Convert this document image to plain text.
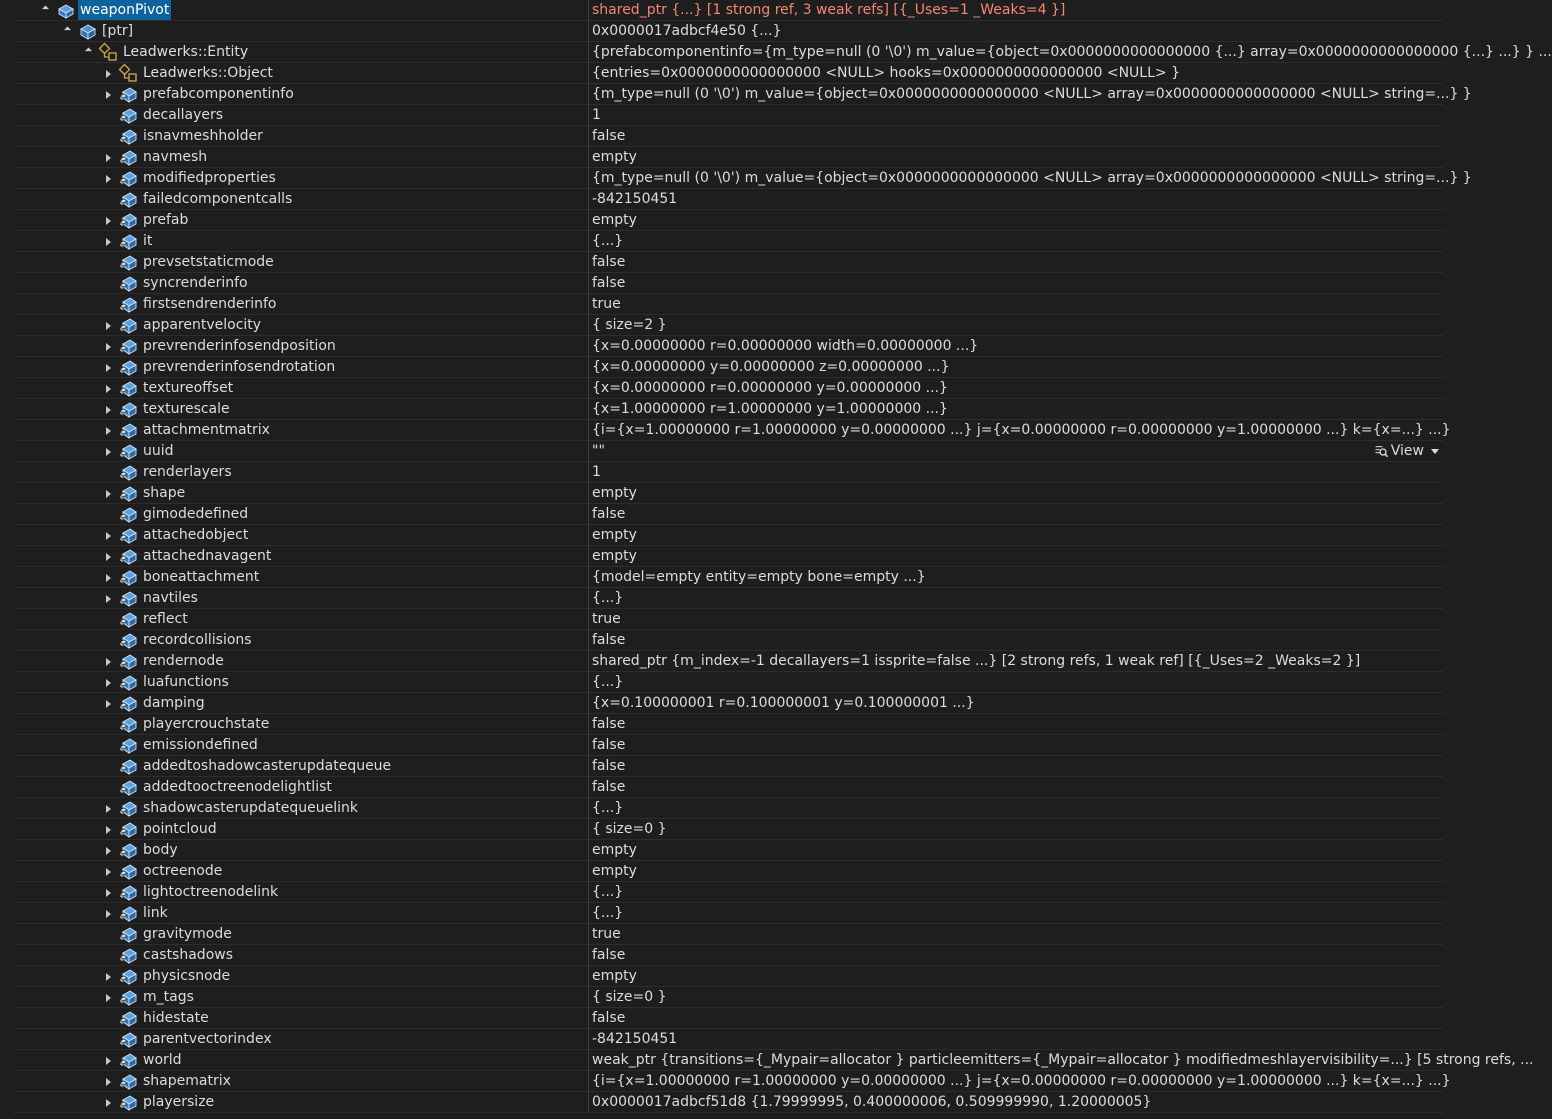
weaponPivot	shared_ptr {...} [1 strong ref, 3 weak refs] [{_Uses=1 _Weaks=4 }]
[ptr]	0x0000017adbcf4e50 {...}
Leadwerks::Entity	{prefabcomponentinfo={m_type=null (0 '\0') m_value={object=0x0000000000000000 {...} array=0x0000000000000000 {...} ...} } ...
Leadwerks::Object	{entries=0x0000000000000000 <NULL> hooks=0x0000000000000000 <NULL> }
prefabcomponentinfo	{m_type=null (0 '\0') m_value={object=0x0000000000000000 <NULL> array=0x0000000000000000 <NULL> string=...} }
decallayers	1
isnavmeshholder	false
navmesh	empty
modifiedproperties	{m_type=null (0 '\0') m_value={object=0x0000000000000000 <NULL> array=0x0000000000000000 <NULL> string=...} }
failedcomponentcalls	-842150451
prefab	empty
it	{...}
prevsetstaticmode	false
syncrenderinfo	false
firstsendrenderinfo	true
apparentvelocity	{ size=2 }
prevrenderinfosendposition	{x=0.00000000 r=0.00000000 width=0.00000000 ...}
prevrenderinfosendrotation	{x=0.00000000 y=0.00000000 z=0.00000000 ...}
textureoffset	{x=0.00000000 r=0.00000000 y=0.00000000 ...}
texturescale	{x=1.00000000 r=1.00000000 y=1.00000000 ...}
attachmentmatrix	{i={x=1.00000000 r=1.00000000 y=0.00000000 ...} j={x=0.00000000 r=0.00000000 y=1.00000000 ...} k={x=...} ...}
uuid	""	View
renderlayers	1
shape	empty
gimodedefined	false
attachedobject	empty
attachednavagent	empty
boneattachment	{model=empty entity=empty bone=empty ...}
navtiles	{...}
reflect	true
recordcollisions	false
rendernode	shared_ptr {m_index=-1 decallayers=1 issprite=false ...} [2 strong refs, 1 weak ref] [{_Uses=2 _Weaks=2 }]
luafunctions	{...}
damping	{x=0.100000001 r=0.100000001 y=0.100000001 ...}
playercrouchstate	false
emissiondefined	false
addedtoshadowcasterupdatequeue	false
addedtooctreenodelightlist	false
shadowcasterupdatequeuelink	{...}
pointcloud	{ size=0 }
body	empty
octreenode	empty
lightoctreenodelink	{...}
link	{...}
gravitymode	true
castshadows	false
physicsnode	empty
m_tags	{ size=0 }
hidestate	false
parentvectorindex	-842150451
world	weak_ptr {transitions={_Mypair=allocator } particleemitters={_Mypair=allocator } modifiedmeshlayervisibility=...} [5 strong refs, ...
shapematrix	{i={x=1.00000000 r=1.00000000 y=0.00000000 ...} j={x=0.00000000 r=0.00000000 y=1.00000000 ...} k={x=...} ...}
playersize	0x0000017adbcf51d8 {1.79999995, 0.400000006, 0.509999990, 1.20000005}
